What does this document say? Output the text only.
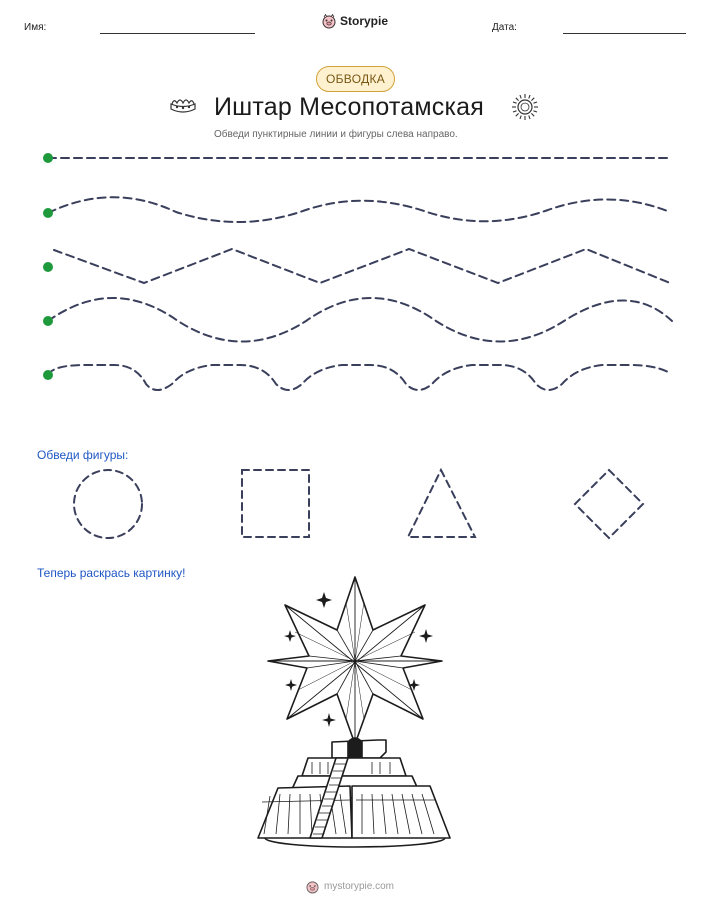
Имя:	Storypie	Дата:
ОБВОДКА
Иштар Месопотамская
Обведи пунктирные линии и фигуры слева направо.
Обведи фигуры:
Теперь раскрась картинку!
mystorypie.com
